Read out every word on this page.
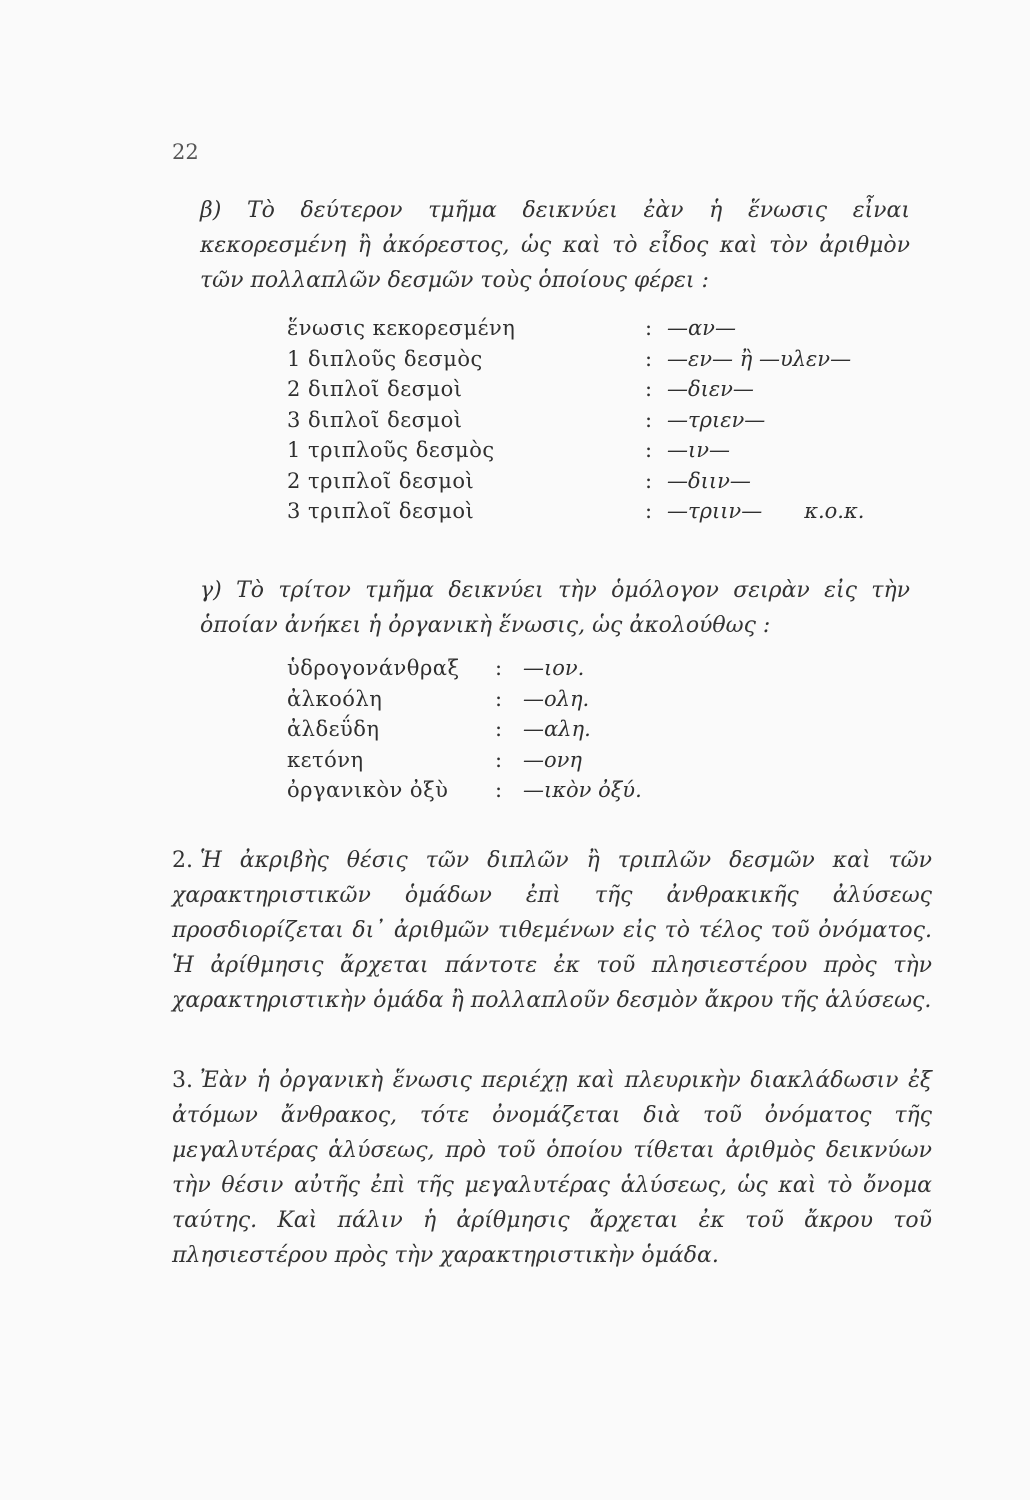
22

β) Τὸ δεύτερον τμῆμα δεικνύει ἐὰν ἡ ἕνωσις εἶναι κεκορεσμένη ἢ ἀκόρεστος, ὡς καὶ τὸ εἶδος καὶ τὸν ἀριθμὸν τῶν πολλαπλῶν δεσμῶν τοὺς ὁποίους φέρει :

ἕνωσις κεκορεσμένη	: —αν—
1 διπλοῦς δεσμὸς	: —εν— ἢ —υλεν—
2 διπλοῖ δεσμοὶ	: —διεν—
3 διπλοῖ δεσμοὶ	: —τριεν—
1 τριπλοῦς δεσμὸς	: —ιν—
2 τριπλοῖ δεσμοὶ	: —διιν—
3 τριπλοῖ δεσμοὶ	: —τριιν— κ.ο.κ.

γ) Τὸ τρίτον τμῆμα δεικνύει τὴν ὁμόλογον σειρὰν εἰς τὴν ὁποίαν ἀνήκει ἡ ὀργανικὴ ἕνωσις, ὡς ἀκολούθως :

ὑδρογονάνθραξ	: —ιον.
ἀλκοόλη	: —ολη.
ἀλδεΰδη	: —αλη.
κετόνη	: —ονη
ὀργανικὸν ὀξὺ	: —ικὸν ὀξύ.

2. Ἡ ἀκριβὴς θέσις τῶν διπλῶν ἢ τριπλῶν δεσμῶν καὶ τῶν χαρακτηριστικῶν ὁμάδων ἐπὶ τῆς ἀνθρακικῆς ἀλύσεως προσδιορίζεται δι᾽ ἀριθμῶν τιθεμένων εἰς τὸ τέλος τοῦ ὀνόματος. Ἡ ἀρίθμησις ἄρχεται πάντοτε ἐκ τοῦ πλησιεστέρου πρὸς τὴν χαρακτηριστικὴν ὁμάδα ἢ πολλαπλοῦν δεσμὸν ἄκρου τῆς ἁλύσεως.

3. Ἐὰν ἡ ὀργανικὴ ἕνωσις περιέχῃ καὶ πλευρικὴν διακλάδωσιν ἐξ ἀτόμων ἄνθρακος, τότε ὀνομάζεται διὰ τοῦ ὀνόματος τῆς μεγαλυτέρας ἁλύσεως, πρὸ τοῦ ὁποίου τίθεται ἀριθμὸς δεικνύων τὴν θέσιν αὐτῆς ἐπὶ τῆς μεγαλυτέρας ἁλύσεως, ὡς καὶ τὸ ὄνομα ταύτης. Καὶ πάλιν ἡ ἀρίθμησις ἄρχεται ἐκ τοῦ ἄκρου τοῦ πλησιεστέρου πρὸς τὴν χαρακτηριστικὴν ὁμάδα.
